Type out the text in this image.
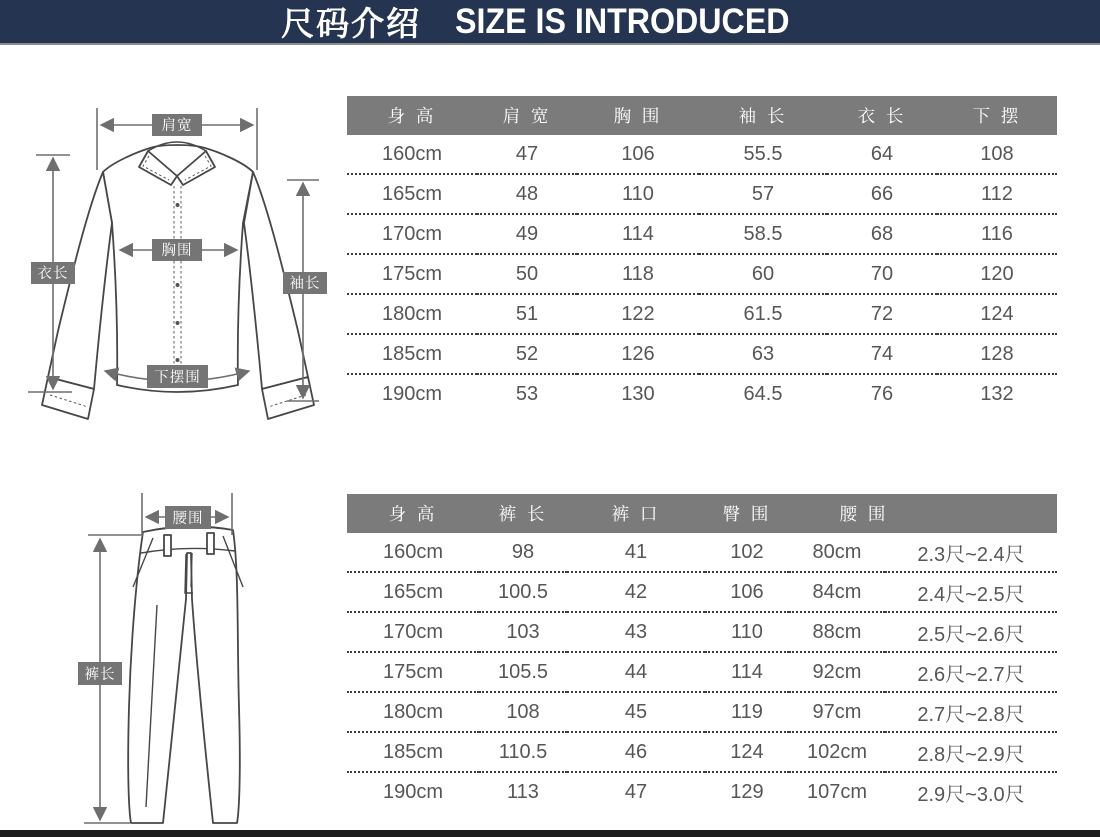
尺码介绍 SIZE IS INTRODUCED
肩宽
衣长
胸围
袖长
下摆围
身 高	肩 宽	胸 围	袖 长	衣 长	下 摆
160cm	47	106	55.5	64	108
165cm	48	110	57	66	112
170cm	49	114	58.5	68	116
175cm	50	118	60	70	120
180cm	51	122	61.5	72	124
185cm	52	126	63	74	128
190cm	53	130	64.5	76	132
腰围
裤长
身 高	裤 长	裤 口	臀 围	腰 围	
160cm	98	41	102	80cm	2.3尺~2.4尺
165cm	100.5	42	106	84cm	2.4尺~2.5尺
170cm	103	43	110	88cm	2.5尺~2.6尺
175cm	105.5	44	114	92cm	2.6尺~2.7尺
180cm	108	45	119	97cm	2.7尺~2.8尺
185cm	110.5	46	124	102cm	2.8尺~2.9尺
190cm	113	47	129	107cm	2.9尺~3.0尺
